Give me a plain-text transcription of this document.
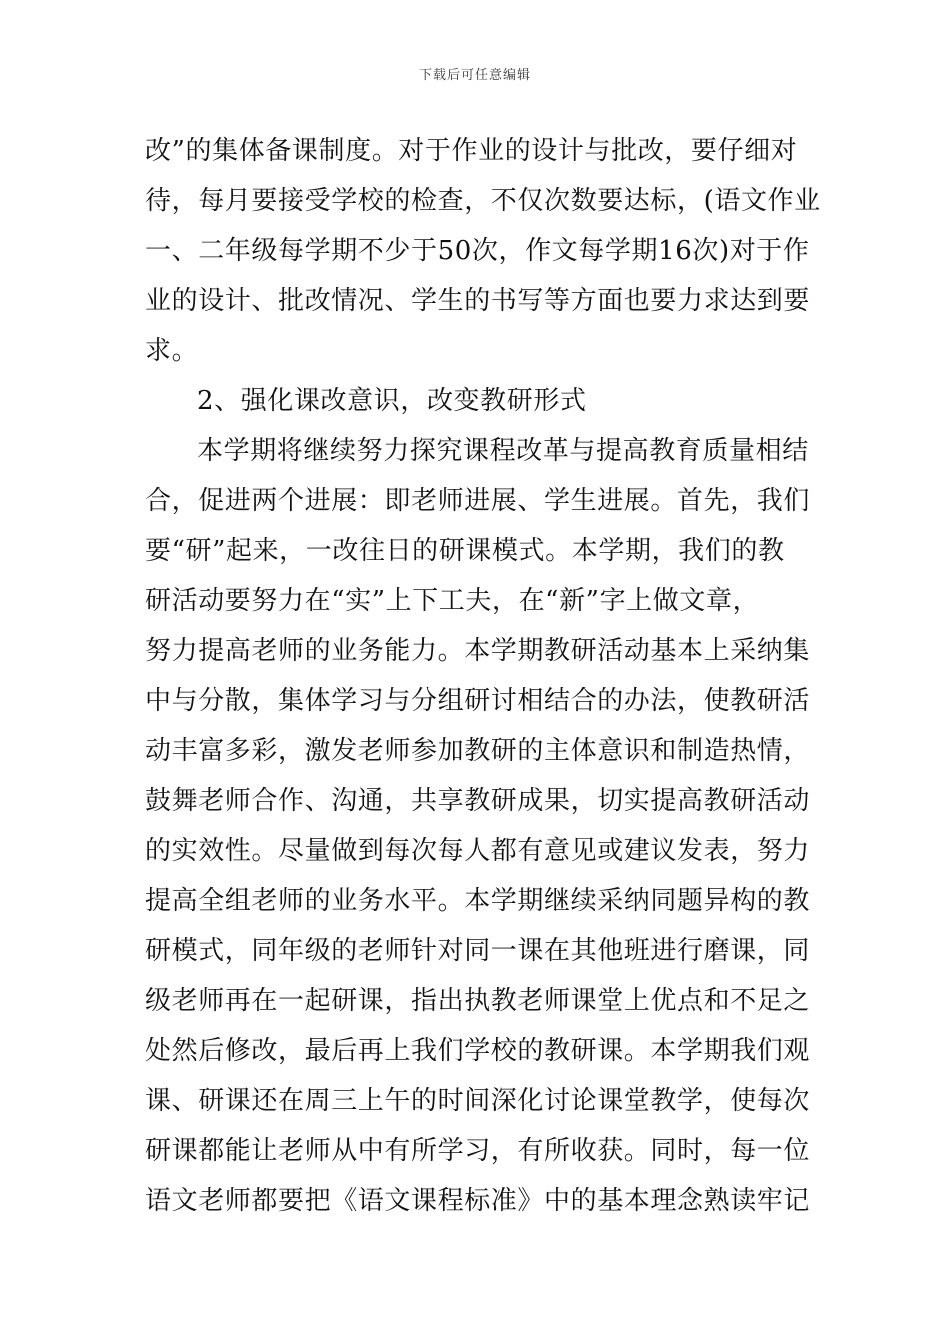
下载后可任意编辑
改”的集体备课制度。对于作业的设计与批改，要仔细对
待，每月要接受学校的检查，不仅次数要达标，(语文作业
一、二年级每学期不少于50次，作文每学期16次)对于作
业的设计、批改情况、学生的书写等方面也要力求达到要
求。
2、强化课改意识，改变教研形式
本学期将继续努力探究课程改革与提高教育质量相结
合，促进两个进展：即老师进展、学生进展。首先，我们
要“研”起来，一改往日的研课模式。本学期，我们的教
研活动要努力在“实”上下工夫，在“新”字上做文章，
努力提高老师的业务能力。本学期教研活动基本上采纳集
中与分散，集体学习与分组研讨相结合的办法，使教研活
动丰富多彩，激发老师参加教研的主体意识和制造热情，
鼓舞老师合作、沟通，共享教研成果，切实提高教研活动
的实效性。尽量做到每次每人都有意见或建议发表，努力
提高全组老师的业务水平。本学期继续采纳同题异构的教
研模式，同年级的老师针对同一课在其他班进行磨课，同
级老师再在一起研课，指出执教老师课堂上优点和不足之
处然后修改，最后再上我们学校的教研课。本学期我们观
课、研课还在周三上午的时间深化讨论课堂教学，使每次
研课都能让老师从中有所学习，有所收获。同时，每一位
语文老师都要把《语文课程标准》中的基本理念熟读牢记
